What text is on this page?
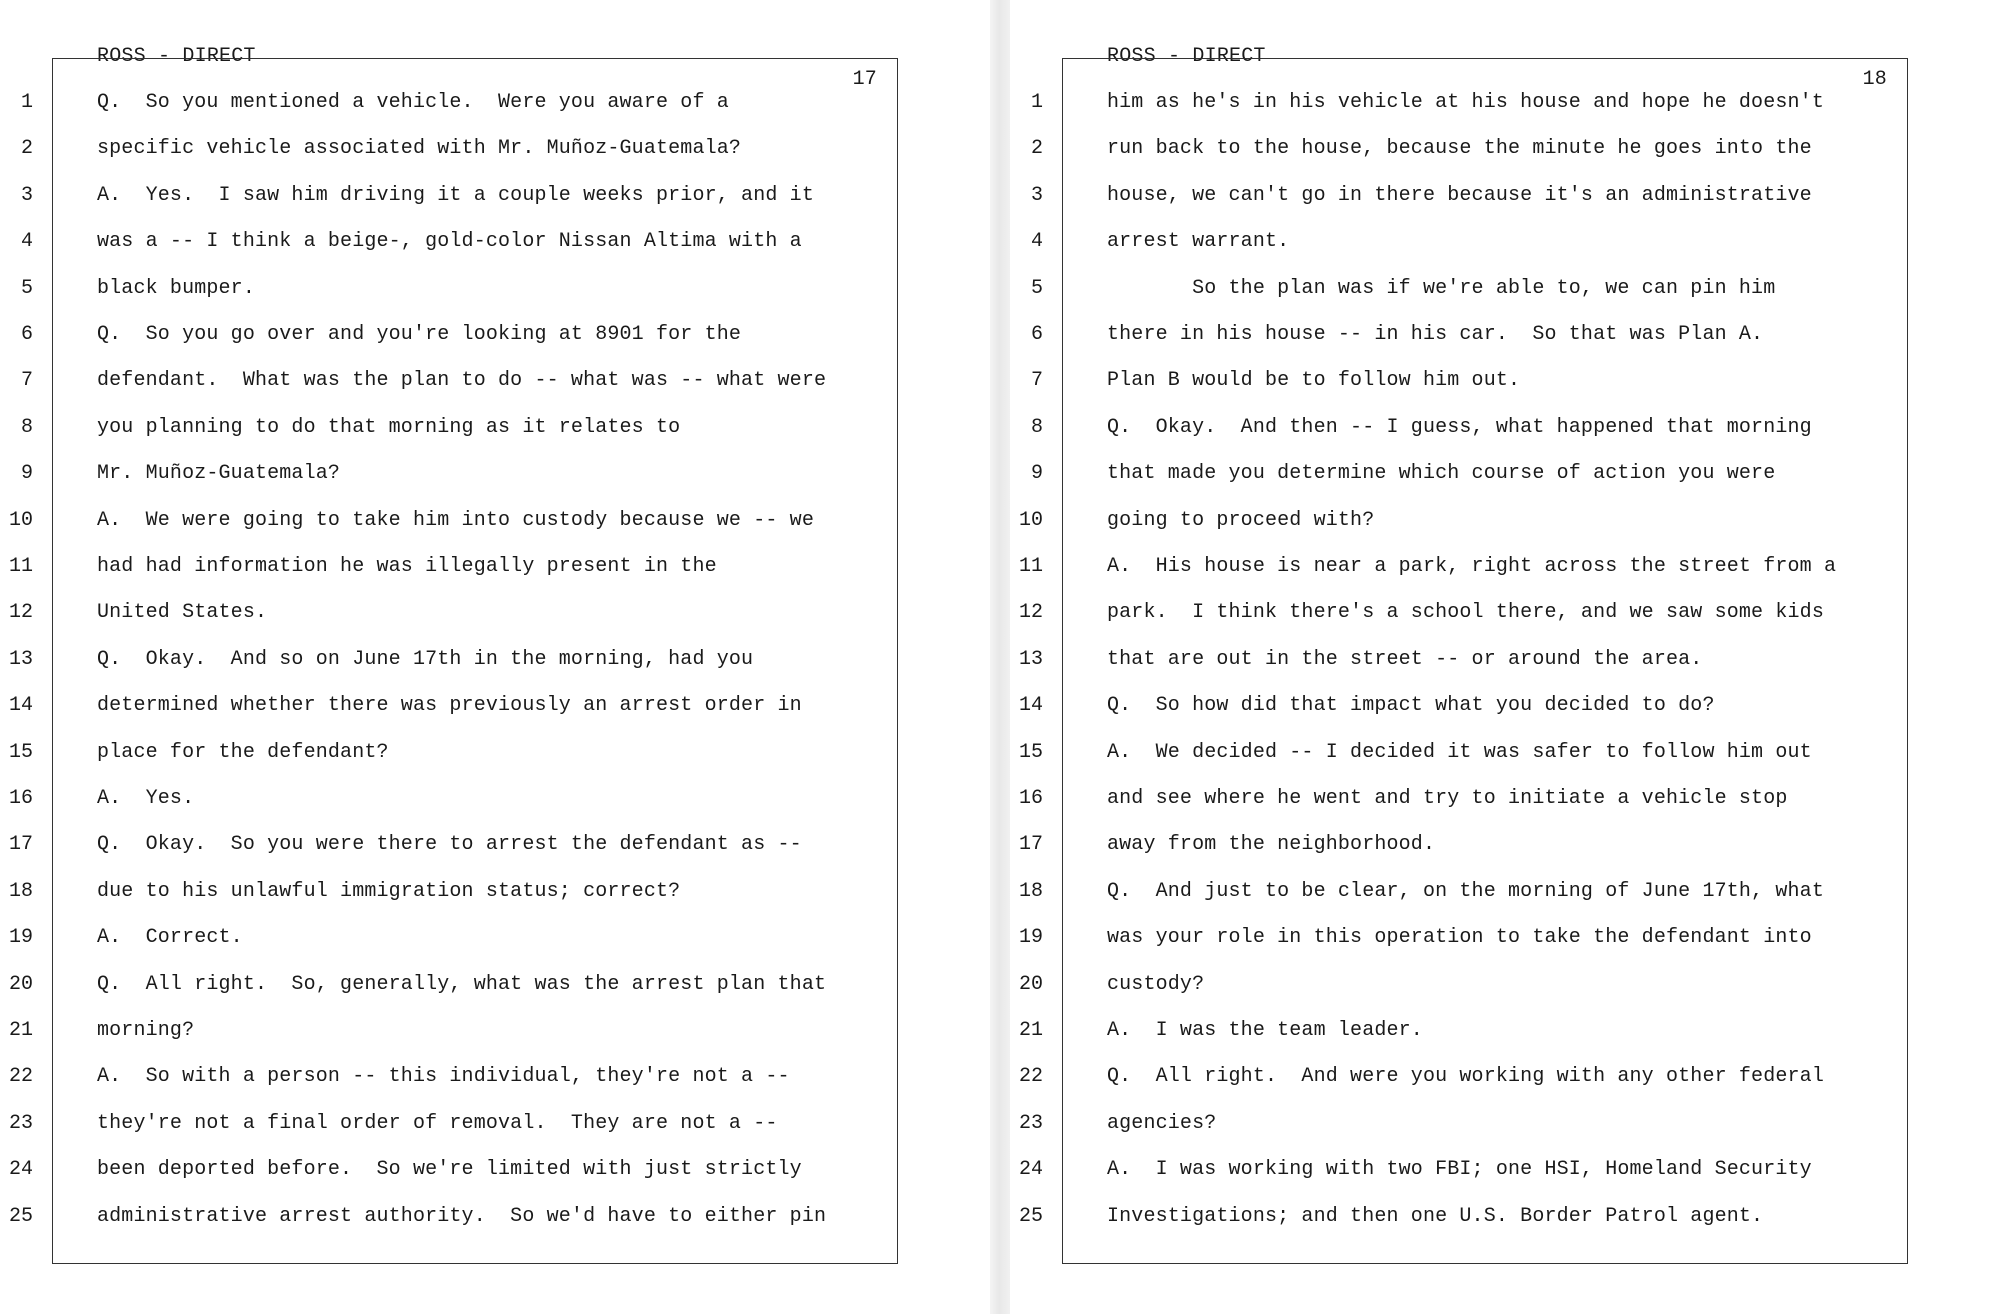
ROSS - DIRECT

17

1	Q.  So you mentioned a vehicle.  Were you aware of a
2	specific vehicle associated with Mr. Muñoz-Guatemala?
3	A.  Yes.  I saw him driving it a couple weeks prior, and it
4	was a -- I think a beige-, gold-color Nissan Altima with a
5	black bumper.
6	Q.  So you go over and you're looking at 8901 for the
7	defendant.  What was the plan to do -- what was -- what were
8	you planning to do that morning as it relates to
9	Mr. Muñoz-Guatemala?
10	A.  We were going to take him into custody because we -- we
11	had had information he was illegally present in the
12	United States.
13	Q.  Okay.  And so on June 17th in the morning, had you
14	determined whether there was previously an arrest order in
15	place for the defendant?
16	A.  Yes.
17	Q.  Okay.  So you were there to arrest the defendant as --
18	due to his unlawful immigration status; correct?
19	A.  Correct.
20	Q.  All right.  So, generally, what was the arrest plan that
21	morning?
22	A.  So with a person -- this individual, they're not a --
23	they're not a final order of removal.  They are not a --
24	been deported before.  So we're limited with just strictly
25	administrative arrest authority.  So we'd have to either pin

ROSS - DIRECT

18

1	him as he's in his vehicle at his house and hope he doesn't
2	run back to the house, because the minute he goes into the
3	house, we can't go in there because it's an administrative
4	arrest warrant.
5	So the plan was if we're able to, we can pin him
6	there in his house -- in his car.  So that was Plan A.
7	Plan B would be to follow him out.
8	Q.  Okay.  And then -- I guess, what happened that morning
9	that made you determine which course of action you were
10	going to proceed with?
11	A.  His house is near a park, right across the street from a
12	park.  I think there's a school there, and we saw some kids
13	that are out in the street -- or around the area.
14	Q.  So how did that impact what you decided to do?
15	A.  We decided -- I decided it was safer to follow him out
16	and see where he went and try to initiate a vehicle stop
17	away from the neighborhood.
18	Q.  And just to be clear, on the morning of June 17th, what
19	was your role in this operation to take the defendant into
20	custody?
21	A.  I was the team leader.
22	Q.  All right.  And were you working with any other federal
23	agencies?
24	A.  I was working with two FBI; one HSI, Homeland Security
25	Investigations; and then one U.S. Border Patrol agent.
